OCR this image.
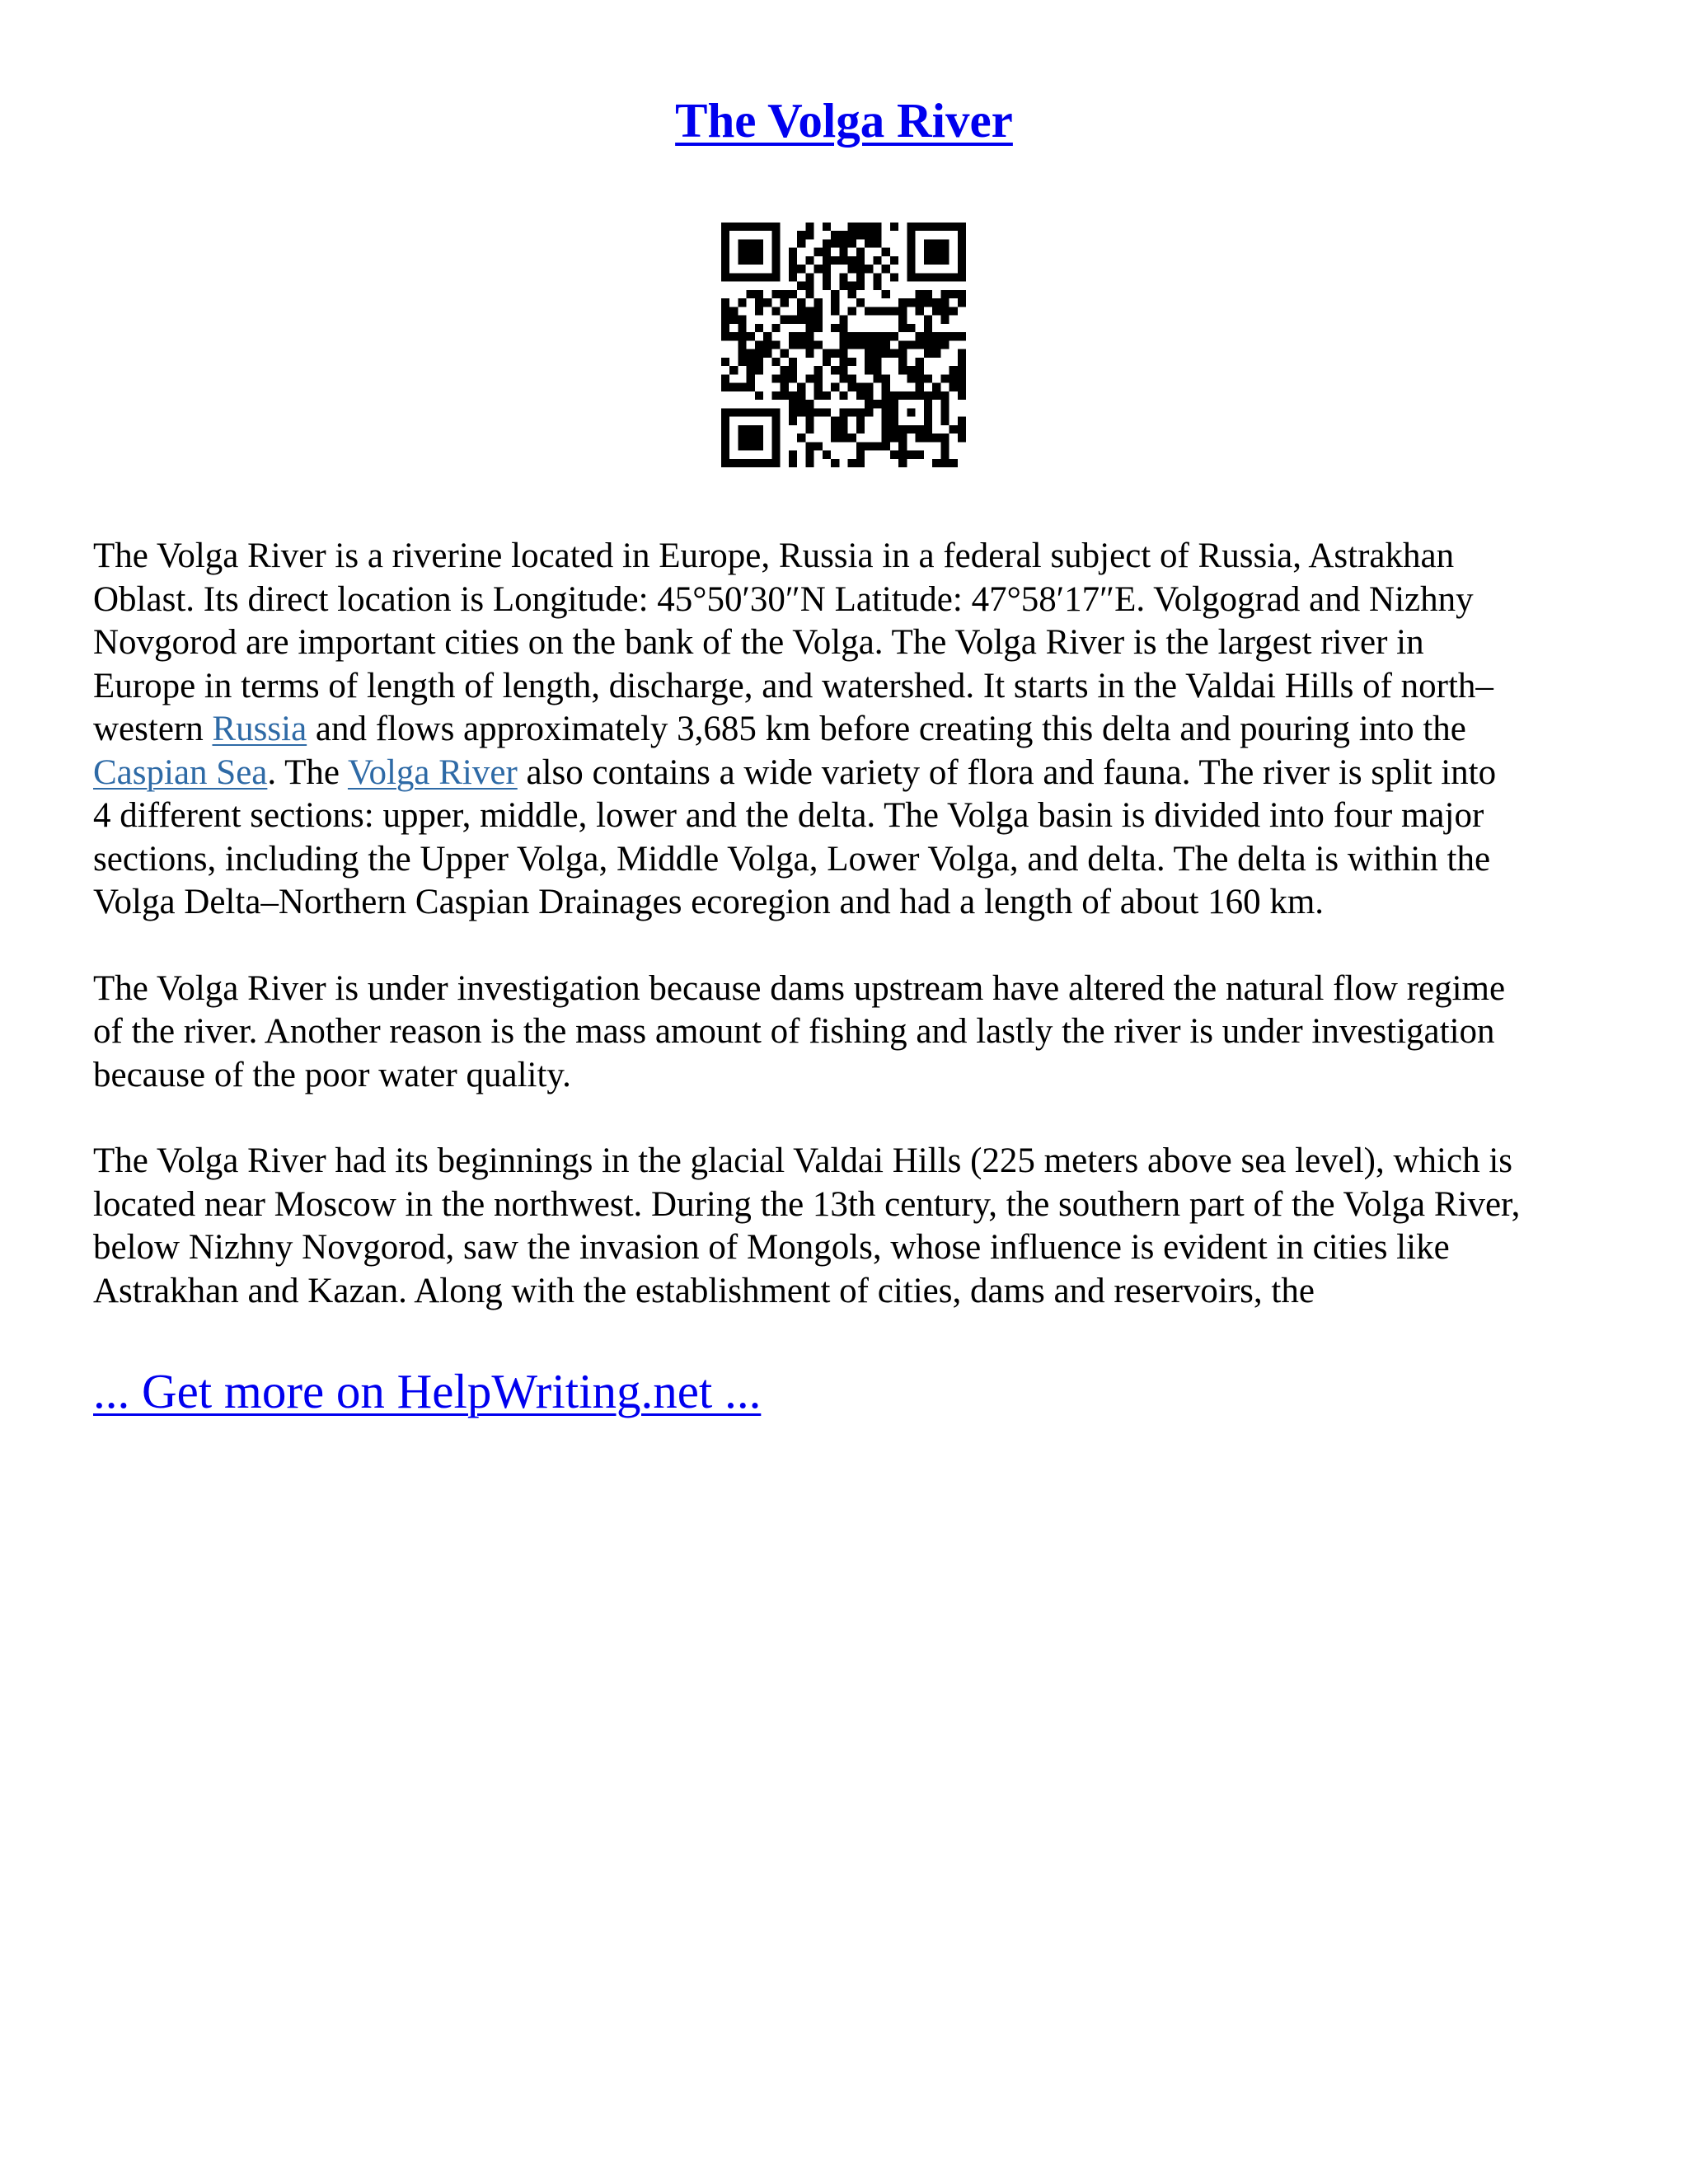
The Volga River

The Volga River is a riverine located in Europe, Russia in a federal subject of Russia, Astrakhan
Oblast. Its direct location is Longitude: 45°50′30″N Latitude: 47°58′17″E. Volgograd and Nizhny
Novgorod are important cities on the bank of the Volga. The Volga River is the largest river in
Europe in terms of length of length, discharge, and watershed. It starts in the Valdai Hills of north–
western Russia and flows approximately 3,685 km before creating this delta and pouring into the
Caspian Sea. The Volga River also contains a wide variety of flora and fauna. The river is split into
4 different sections: upper, middle, lower and the delta. The Volga basin is divided into four major
sections, including the Upper Volga, Middle Volga, Lower Volga, and delta. The delta is within the
Volga Delta–Northern Caspian Drainages ecoregion and had a length of about 160 km.

The Volga River is under investigation because dams upstream have altered the natural flow regime
of the river. Another reason is the mass amount of fishing and lastly the river is under investigation
because of the poor water quality.

The Volga River had its beginnings in the glacial Valdai Hills (225 meters above sea level), which is
located near Moscow in the northwest. During the 13th century, the southern part of the Volga River,
below Nizhny Novgorod, saw the invasion of Mongols, whose influence is evident in cities like
Astrakhan and Kazan. Along with the establishment of cities, dams and reservoirs, the

... Get more on HelpWriting.net ...
